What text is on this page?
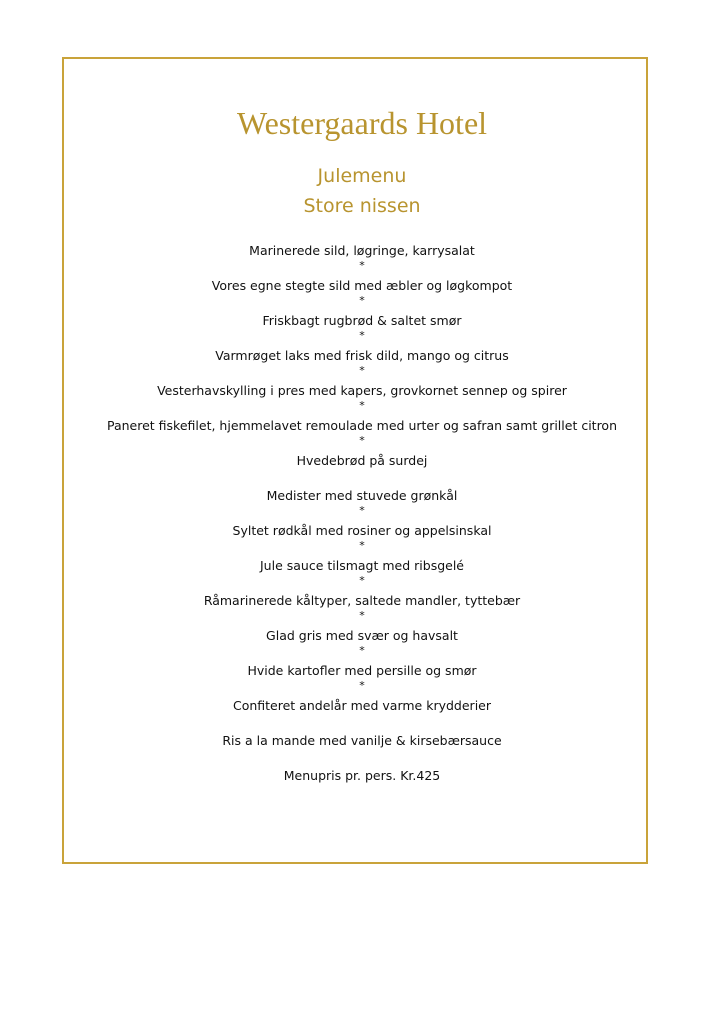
Westergaards Hotel
Julemenu
Store nissen
Marinerede sild, løgringe, karrysalat
*
Vores egne stegte sild med æbler og løgkompot
*
Friskbagt rugbrød & saltet smør
*
Varmrøget laks med frisk dild, mango og citrus
*
Vesterhavskylling i pres med kapers, grovkornet sennep og spirer
*
Paneret fiskefilet, hjemmelavet remoulade med urter og safran samt grillet citron
*
Hvedebrød på surdej
Medister med stuvede grønkål
*
Syltet rødkål med rosiner og appelsinskal
*
Jule sauce tilsmagt med ribsgelé
*
Råmarinerede kåltyper, saltede mandler, tyttebær
*
Glad gris med svær og havsalt
*
Hvide kartofler med persille og smør
*
Confiteret andelår med varme krydderier
Ris a la mande med vanilje & kirsebærsauce
Menupris pr. pers. Kr.425
